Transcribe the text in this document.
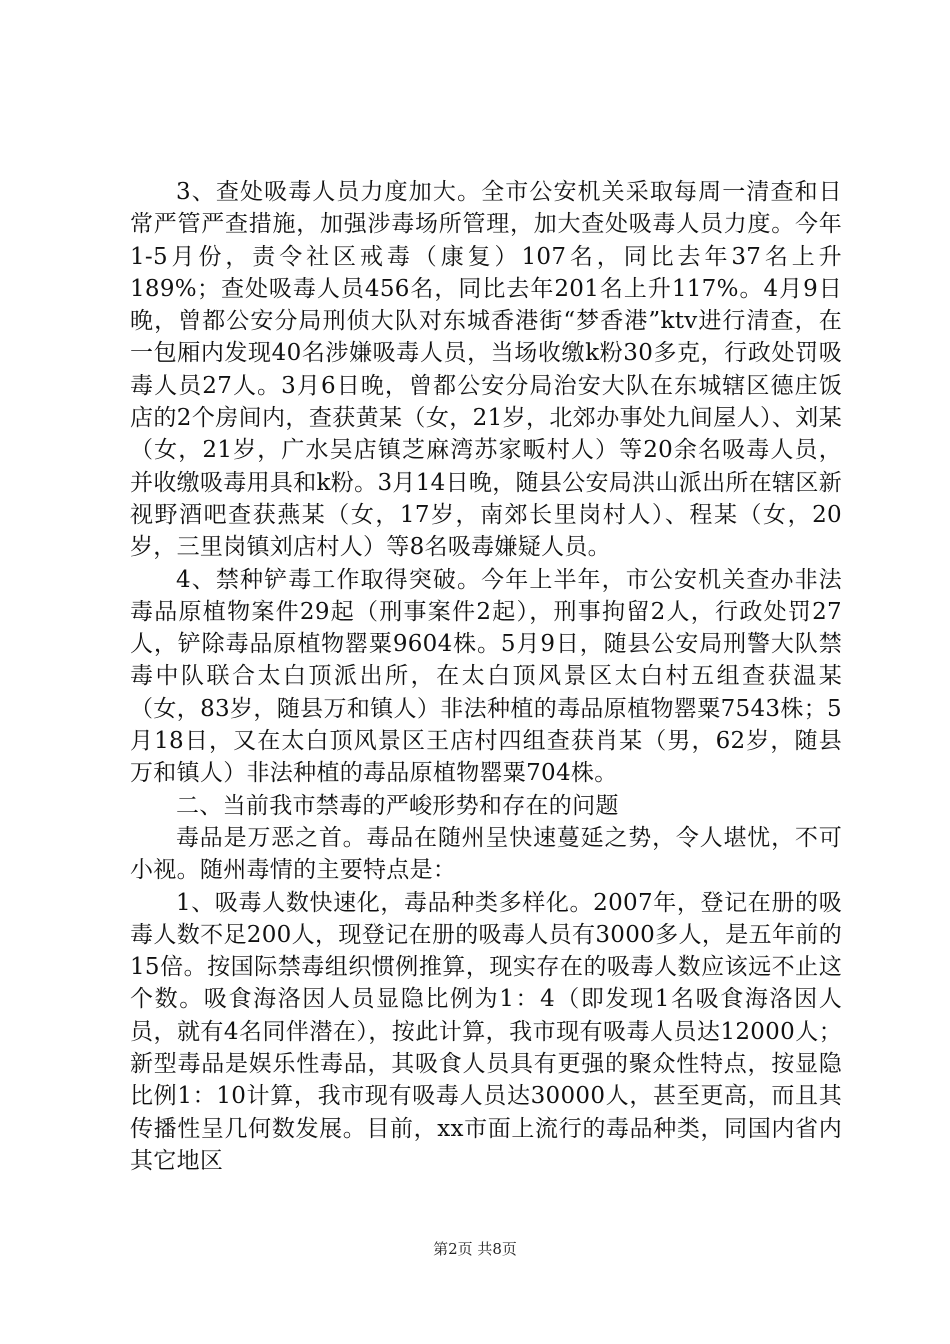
3、查处吸毒人员力度加大。全市公安机关采取每周一清查和日常严管严查措施，加强涉毒场所管理，加大查处吸毒人员力度。今年1-5月份，责令社区戒毒（康复）107名，同比去年37名上升189%；查处吸毒人员456名，同比去年201名上升117%。4月9日晚，曾都公安分局刑侦大队对东城香港街“梦香港”ktv进行清查，在一包厢内发现40名涉嫌吸毒人员，当场收缴k粉30多克，行政处罚吸毒人员27人。3月6日晚，曾都公安分局治安大队在东城辖区德庄饭店的2个房间内，查获黄某（女，21岁，北郊办事处九间屋人）、刘某（女，21岁，广水吴店镇芝麻湾苏家畈村人）等20余名吸毒人员，并收缴吸毒用具和k粉。3月14日晚，随县公安局洪山派出所在辖区新视野酒吧查获燕某（女，17岁，南郊长里岗村人）、程某（女，20岁，三里岗镇刘店村人）等8名吸毒嫌疑人员。

4、禁种铲毒工作取得突破。今年上半年，市公安机关查办非法毒品原植物案件29起（刑事案件2起），刑事拘留2人，行政处罚27人，铲除毒品原植物罂粟9604株。5月9日，随县公安局刑警大队禁毒中队联合太白顶派出所，在太白顶风景区太白村五组查获温某（女，83岁，随县万和镇人）非法种植的毒品原植物罂粟7543株；5月18日，又在太白顶风景区王店村四组查获肖某（男，62岁，随县万和镇人）非法种植的毒品原植物罂粟704株。

二、当前我市禁毒的严峻形势和存在的问题

毒品是万恶之首。毒品在随州呈快速蔓延之势，令人堪忧，不可小视。随州毒情的主要特点是：

1、吸毒人数快速化，毒品种类多样化。2007年，登记在册的吸毒人数不足200人，现登记在册的吸毒人员有3000多人，是五年前的15倍。按国际禁毒组织惯例推算，现实存在的吸毒人数应该远不止这个数。吸食海洛因人员显隐比例为1：4（即发现1名吸食海洛因人员，就有4名同伴潜在），按此计算，我市现有吸毒人员达12000人；新型毒品是娱乐性毒品，其吸食人员具有更强的聚众性特点，按显隐比例1：10计算，我市现有吸毒人员达30000人，甚至更高，而且其传播性呈几何数发展。目前，xx市面上流行的毒品种类，同国内省内其它地区

第2页 共8页
